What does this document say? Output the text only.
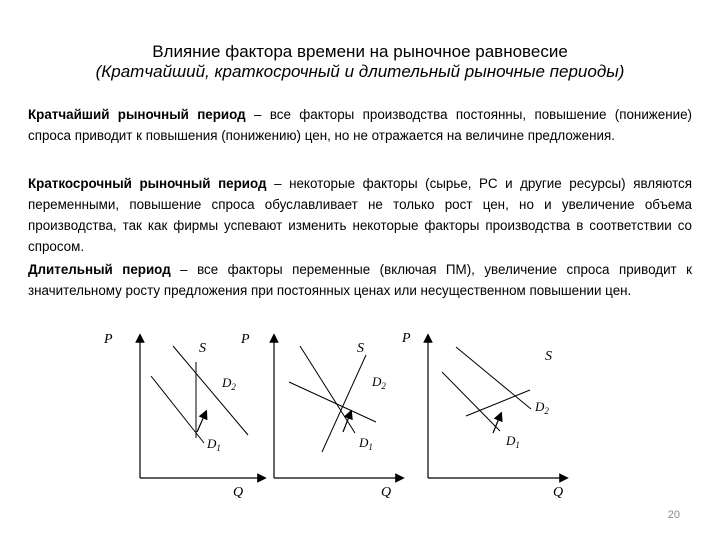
Влияние фактора времени на рыночное равновесие
(Кратчайший, краткосрочный и длительный рыночные периоды)
Кратчайший рыночный период – все факторы производства постоянны, повышение (понижение) спроса приводит к повышения (понижению) цен, но не отражается на величине предложения.
Краткосрочный рыночный период – некоторые факторы (сырье, РС и другие ресурсы) являются переменными, повышение спроса обуславливает не только рост цен, но и увеличение объема производства, так как фирмы успевают изменить некоторые факторы производства в соответствии со спросом.
Длительный период – все факторы переменные (включая ПМ), увеличение спроса приводит к значительному росту предложения при постоянных ценах или несущественном повышении цен.
P
Q
S
$D_2$
$D_1$
P
Q
S
$D_2$
$D_1$
P
Q
S
$D_2$
$D_1$
20
